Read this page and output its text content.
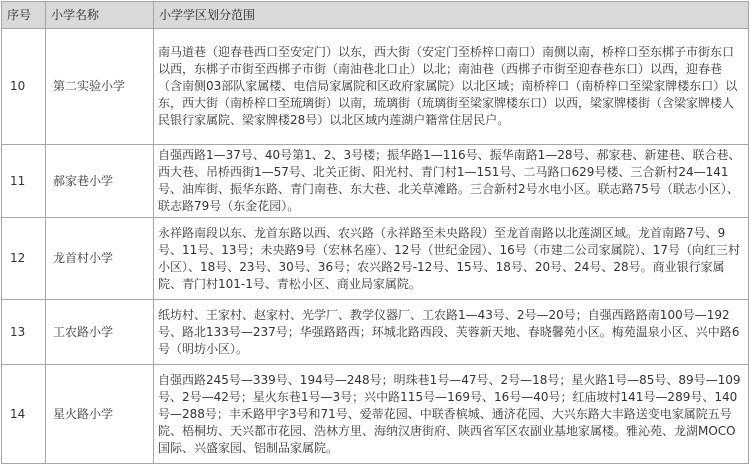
序号	小学名称	小学学区划分范围
10	第二实验小学	南马道巷（迎春巷西口至安定门）以东，西大街（安定门至桥梓口南口）南侧以南，桥梓口至东梆子市街东口以西，东梆子市街至西梆子市街（南油巷北口止）以北；南油巷（西梆子市街至迎春巷东口）以西，迎春巷（含南侧03部队家属楼、电信局家属院和区政府家属院）以北区域；南桥梓口（南桥梓口至梁家牌楼东口）以东，西大街（南桥梓口至琉璃街）以南，琉璃街（琉璃街至梁家牌楼东口）以西，梁家牌楼街（含梁家牌楼人民银行家属院、梁家牌楼28号）以北区域内莲湖户籍常住居民户。
11	郝家巷小学	自强西路1—37号、40号第1、2、3号楼；振华路1—116号、振华南路1—28号、郝家巷、新建巷、联合巷、西大巷、吊桥西街1—57号、北关正街、阳光村、青门村1—151号、二马路口629号楼、三合新村24—141号、油库街、振华东路、青门南巷、东大巷、北关草滩路。三合新村2号水电小区。联志路75号（联志小区）、联志路79号（东金花园）。
12	龙首村小学	永祥路南段以东、龙首东路以西、农兴路（永祥路至未央路段）至龙首南路以北莲湖区域。龙首南路7号、9号、11号、13号；未央路9号（宏林名座）、12号（世纪金园）、16号（市建二公司家属院）、17号（向红三村小区）、18号、23号、30号、36号；农兴路2号-12号、15号、18号、20号、24号、28号。商业银行家属院、青门村101-1号、青松小区、商业局家属院。
13	工农路小学	纸坊村、王家村、赵家村、光学厂、教学仪器厂、工农路1—43号、2号—20号；自强西路路南100号—192号、路北133号—237号；华强路路西；环城北路西段、芙蓉新天地、春晓馨苑小区。梅苑温泉小区、兴中路6号（明坊小区）。
14	星火路小学	自强西路245号—339号、194号—248号；明珠巷1号—47号、2号—18号；星火路1号—85号、89号—109号、2号—42号；星火东巷1号—3号；兴中路115号—169号、16号—40号；红庙坡村141号—289号、140号—288号；丰禾路甲字3号和71号、爱蒂花园、中联香槟城、通济花园、大兴东路大丰路送变电家属院五号院、梧桐坊、天兴都市花园、浩林方里、海纳汉唐街府、陕西省军区农副业基地家属楼。雅沁苑、龙湖MOCO国际、兴盛家园、铝制品家属院。
